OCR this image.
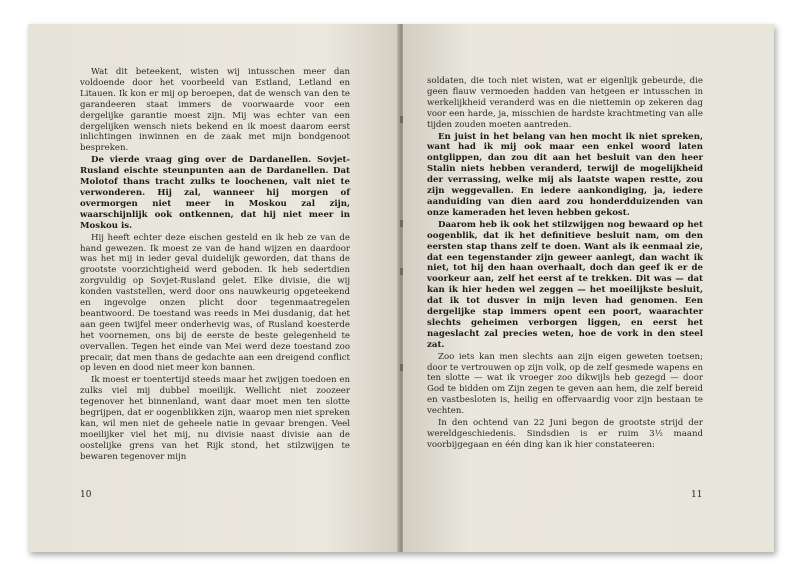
Wat dit beteekent, wisten wij intusschen meer dan voldoende door het voorbeeld van Estland, Letland en Litauen. Ik kon er mij op beroepen, dat de wensch van den te garandeeren staat immers de voorwaarde voor een dergelijke garantie moest zijn. Mij was echter van een dergelijken wensch niets bekend en ik moest daarom eerst inlichtingen inwinnen en de zaak met mijn bondgenoot bespreken.

De vierde vraag ging over de Dardanellen. Sovjet-Rusland eischte steunpunten aan de Dardanellen. Dat Molotof thans tracht zulks te loochenen, valt niet te verwonderen. Hij zal, wanneer hij morgen of overmorgen niet meer in Moskou zal zijn, waarschijnlijk ook ontkennen, dat hij niet meer in Moskou is.

Hij heeft echter deze eischen gesteld en ik heb ze van de hand gewezen. Ik moest ze van de hand wijzen en daardoor was het mij in ieder geval duidelijk geworden, dat thans de grootste voorzichtigheid werd geboden. Ik heb sedertdien zorgvuldig op Sovjet-Rusland gelet. Elke divisie, die wij konden vaststellen, werd door ons nauwkeurig opgeteekend en ingevolge onzen plicht door tegenmaatregelen beantwoord. De toestand was reeds in Mei dusdanig, dat het aan geen twijfel meer onderhevig was, of Rusland koesterde het voornemen, ons bij de eerste de beste gelegenheid te overvallen. Tegen het einde van Mei werd deze toestand zoo precair, dat men thans de gedachte aan een dreigend conflict op leven en dood niet meer kon bannen.

Ik moest er toentertijd steeds maar het zwijgen toedoen en zulks viel mij dubbel moeilijk. Wellicht niet zoozeer tegenover het binnenland, want daar moet men ten slotte begrijpen, dat er oogenblikken zijn, waarop men niet spreken kan, wil men niet de geheele natie in gevaar brengen. Veel moeilijker viel het mij, nu divisie naast divisie aan de oostelijke grens van het Rijk stond, het stilzwijgen te bewaren tegenover mijn

10

soldaten, die toch niet wisten, wat er eigenlijk gebeurde, die geen flauw vermoeden hadden van hetgeen er intusschen in werkelijkheid veranderd was en die niettemin op zekeren dag voor een harde, ja, misschien de hardste krachtmeting van alle tijden zouden moeten aantreden.

En juist in het belang van hen mocht ik niet spreken, want had ik mij ook maar een enkel woord laten ontglippen, dan zou dit aan het besluit van den heer Stalin niets hebben veranderd, terwijl de mogelijkheid der verrassing, welke mij als laatste wapen restte, zou zijn weggevallen. En iedere aankondiging, ja, iedere aanduiding van dien aard zou honderdduizenden van onze kameraden het leven hebben gekost.

Daarom heb ik ook het stilzwijgen nog bewaard op het oogenblik, dat ik het definitieve besluit nam, om den eersten stap thans zelf te doen. Want als ik eenmaal zie, dat een tegenstander zijn geweer aanlegt, dan wacht ik niet, tot hij den haan overhaalt, doch dan geef ik er de voorkeur aan, zelf het eerst af te trekken. Dit was — dat kan ik hier heden wel zeggen — het moeilijkste besluit, dat ik tot dusver in mijn leven had genomen. Een dergelijke stap immers opent een poort, waarachter slechts geheimen verborgen liggen, en eerst het nageslacht zal precies weten, hoe de vork in den steel zat.

Zoo iets kan men slechts aan zijn eigen geweten toetsen; door te vertrouwen op zijn volk, op de zelf gesmede wapens en ten slotte — wat ik vroeger zoo dikwijls heb gezegd — door God te bidden om Zijn zegen te geven aan hem, die zelf bereid en vastbesloten is, heilig en offervaardig voor zijn bestaan te vechten.

In den ochtend van 22 Juni begon de grootste strijd der wereldgeschiedenis. Sindsdien is er ruim 3½ maand voorbijgegaan en één ding kan ik hier constateeren:

11
